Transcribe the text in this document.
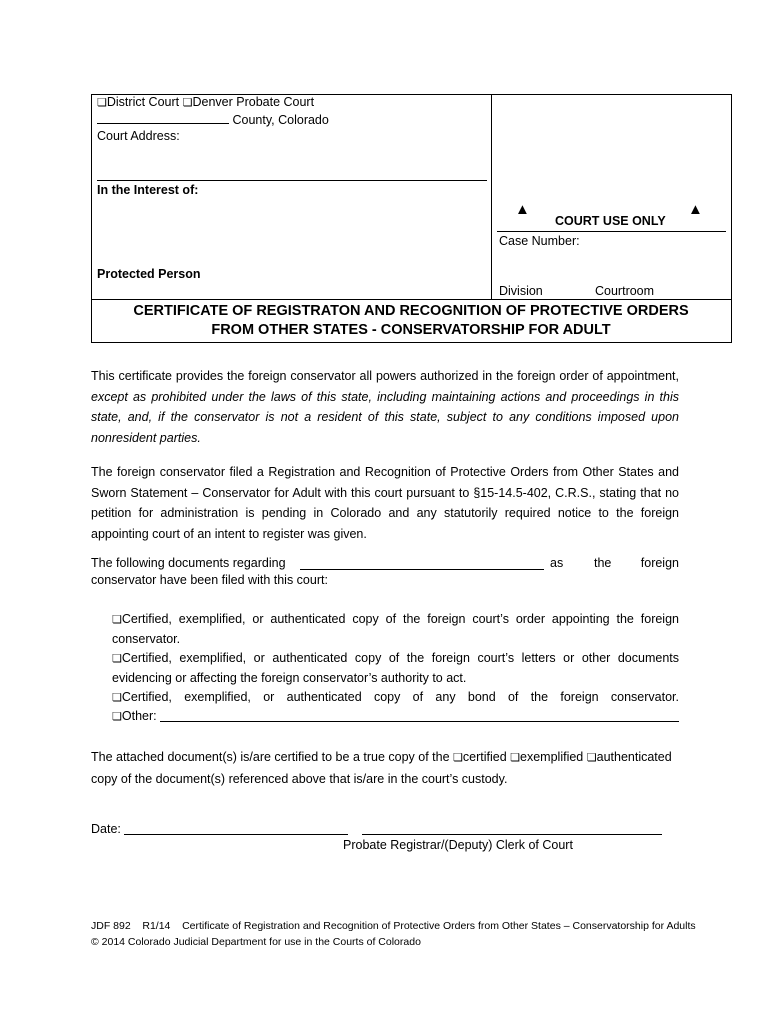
❏ District Court ❏ Denver Probate Court
County, Colorado
Court Address:
In the Interest of:
Protected Person
▲
COURT USE ONLY
▲
Case Number:
Division	Courtroom
CERTIFICATE OF REGISTRATON AND RECOGNITION OF PROTECTIVE ORDERS
FROM OTHER STATES - CONSERVATORSHIP FOR ADULT
This certificate provides the foreign conservator all powers authorized in the foreign order of appointment, except as prohibited under the laws of this state, including maintaining actions and proceedings in this state, and, if the conservator is not a resident of this state, subject to any conditions imposed upon nonresident parties.
The foreign conservator filed a Registration and Recognition of Protective Orders from Other States and Sworn Statement – Conservator for Adult with this court pursuant to §15-14.5-402, C.R.S., stating that no petition for administration is pending in Colorado and any statutorily required notice to the foreign appointing court of an intent to register was given.
The following documents regarding	as the foreign
conservator have been filed with this court:
❏ Certified, exemplified, or authenticated copy of the foreign court’s order appointing the foreign conservator.
❏ Certified, exemplified, or authenticated copy of the foreign court’s letters or other documents evidencing or affecting the foreign conservator’s authority to act.
❏ Certified, exemplified, or authenticated copy of any bond of the foreign conservator.
❏ Other:
The attached document(s) is/are certified to be a true copy of the ❏ certified ❏ exemplified ❏ authenticated
copy of the document(s) referenced above that is/are in the court’s custody.
Date:
Probate Registrar/(Deputy) Clerk of Court
JDF 892 R1/14 Certificate of Registration and Recognition of Protective Orders from Other States – Conservatorship for Adults
© 2014 Colorado Judicial Department for use in the Courts of Colorado
